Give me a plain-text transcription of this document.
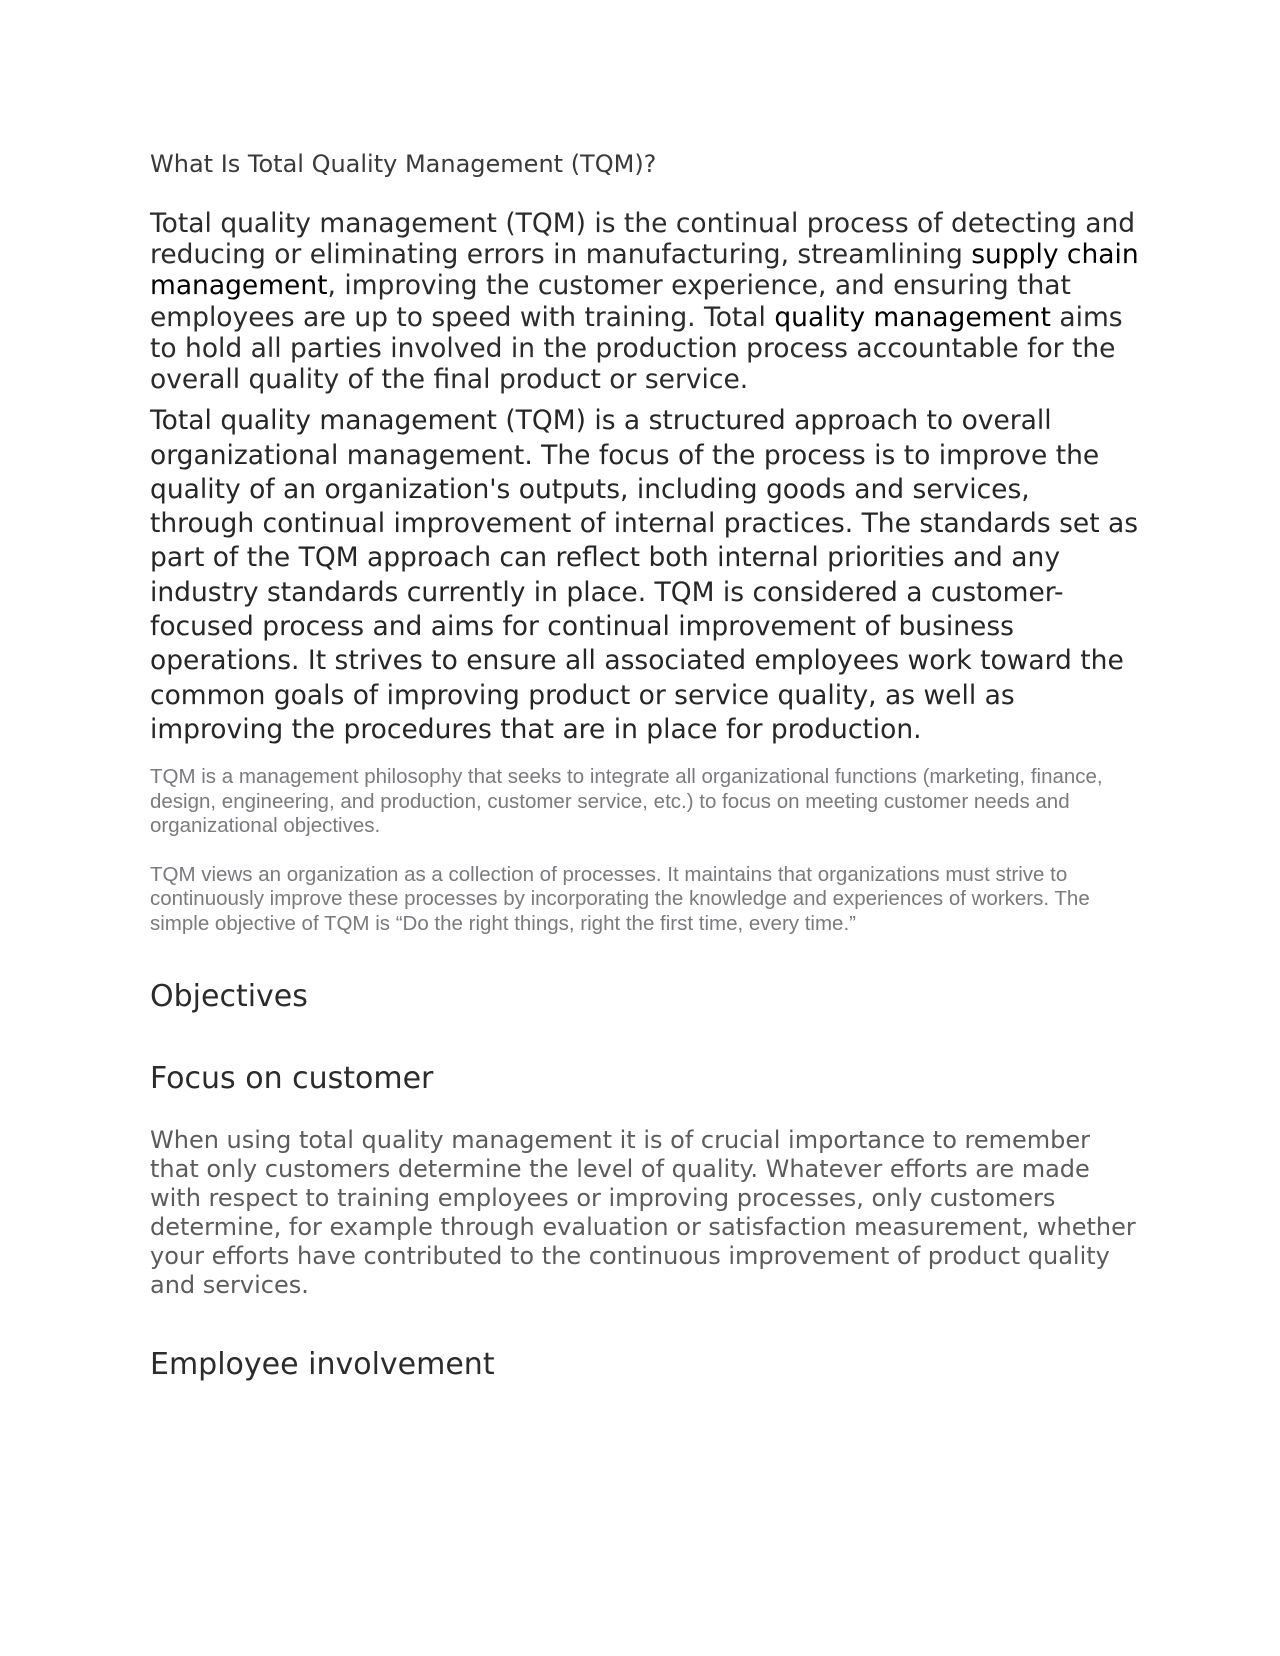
What Is Total Quality Management (TQM)?

Total quality management (TQM) is the continual process of detecting and reducing or eliminating errors in manufacturing, streamlining supply chain management, improving the customer experience, and ensuring that employees are up to speed with training. Total quality management aims to hold all parties involved in the production process accountable for the overall quality of the final product or service.

Total quality management (TQM) is a structured approach to overall organizational management. The focus of the process is to improve the quality of an organization's outputs, including goods and services, through continual improvement of internal practices. The standards set as part of the TQM approach can reflect both internal priorities and any industry standards currently in place. TQM is considered a customer-focused process and aims for continual improvement of business operations. It strives to ensure all associated employees work toward the common goals of improving product or service quality, as well as improving the procedures that are in place for production.

TQM is a management philosophy that seeks to integrate all organizational functions (marketing, finance, design, engineering, and production, customer service, etc.) to focus on meeting customer needs and organizational objectives.

TQM views an organization as a collection of processes. It maintains that organizations must strive to continuously improve these processes by incorporating the knowledge and experiences of workers. The simple objective of TQM is “Do the right things, right the first time, every time.”

Objectives
Focus on customer

When using total quality management it is of crucial importance to remember that only customers determine the level of quality. Whatever efforts are made with respect to training employees or improving processes, only customers determine, for example through evaluation or satisfaction measurement, whether your efforts have contributed to the continuous improvement of product quality and services.

Employee involvement
